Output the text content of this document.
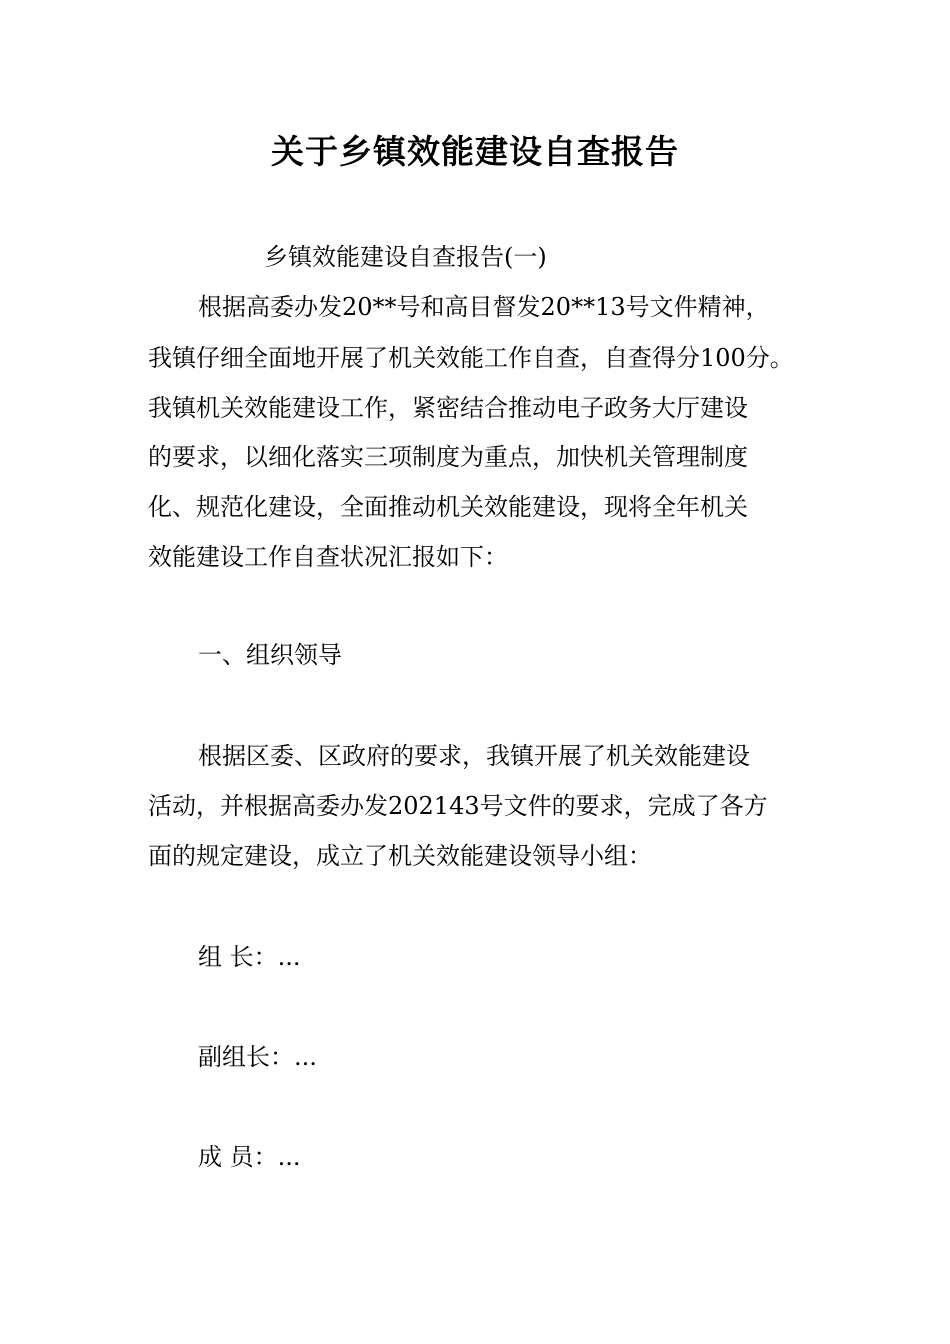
关于乡镇效能建设自查报告
乡镇效能建设自查报告(一)
根据高委办发20**号和高目督发20**13号文件精神，
我镇仔细全面地开展了机关效能工作自查，自查得分100分。
我镇机关效能建设工作，紧密结合推动电子政务大厅建设
的要求，以细化落实三项制度为重点，加快机关管理制度
化、规范化建设，全面推动机关效能建设，现将全年机关
效能建设工作自查状况汇报如下：
一、组织领导
根据区委、区政府的要求，我镇开展了机关效能建设
活动，并根据高委办发202143号文件的要求，完成了各方
面的规定建设，成立了机关效能建设领导小组：
组 长：...
副组长：...
成 员：...
